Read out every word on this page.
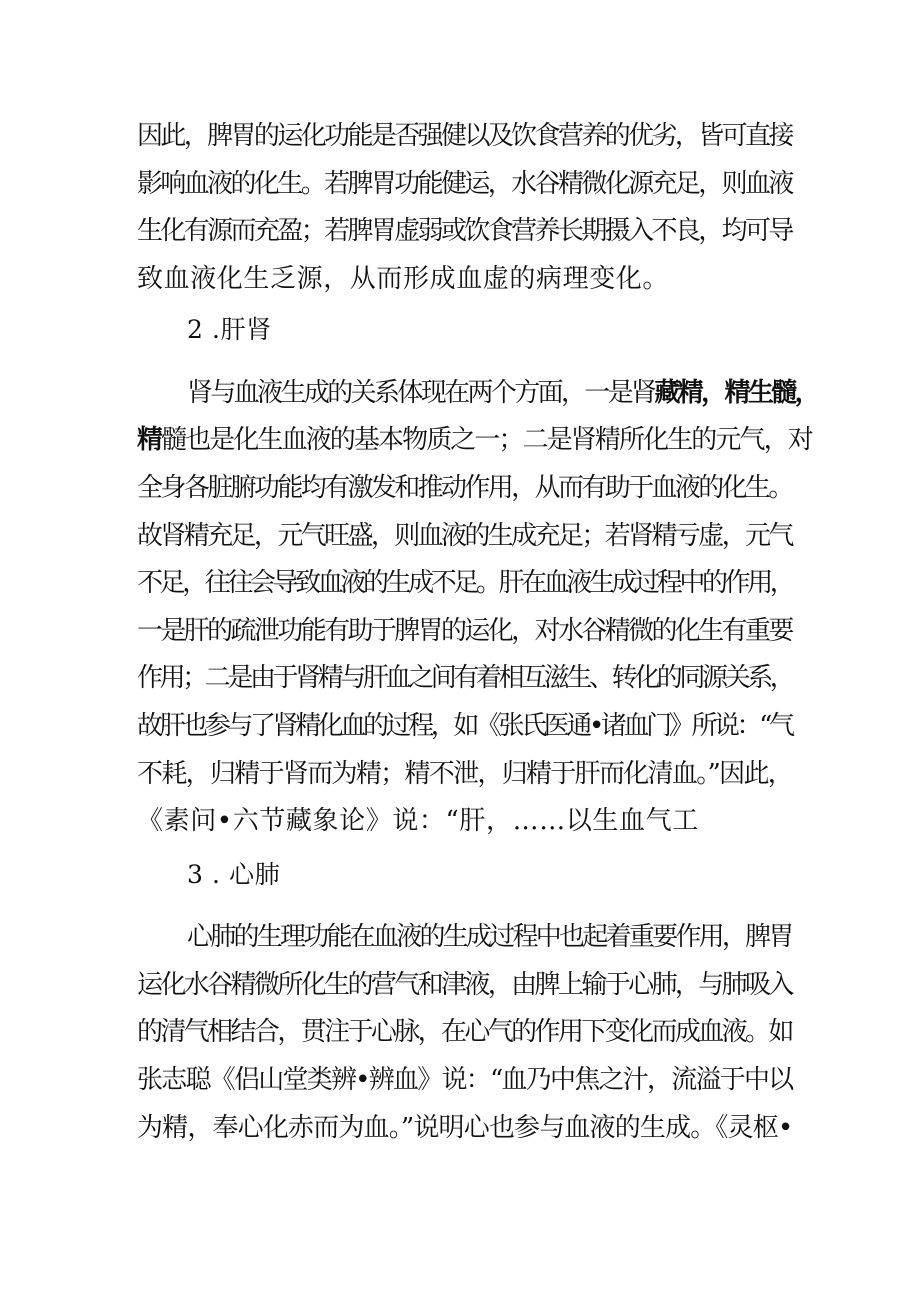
因此，脾胃的运化功能是否强健以及饮食营养的优劣，皆可直接
影响血液的化生。若脾胃功能健运，水谷精微化源充足，则血液
生化有源而充盈；若脾胃虚弱或饮食营养长期摄入不良，均可导
致血液化生乏源，从而形成血虚的病理变化。
2 .肝肾
肾与血液生成的关系体现在两个方面，一是肾藏精，精生髓，
精髓也是化生血液的基本物质之一；二是肾精所化生的元气，对
全身各脏腑功能均有激发和推动作用，从而有助于血液的化生。
故肾精充足，元气旺盛，则血液的生成充足；若肾精亏虚，元气
不足，往往会导致血液的生成不足。肝在血液生成过程中的作用，
一是肝的疏泄功能有助于脾胃的运化，对水谷精微的化生有重要
作用；二是由于肾精与肝血之间有着相互滋生、转化的同源关系，
故肝也参与了肾精化血的过程，如《张氏医通•诸血门》所说：“气
不耗，归精于肾而为精；精不泄，归精于肝而化清血。”因此，
《素问•六节藏象论》说：“肝，……以生血气工
3 . 心肺
心肺的生理功能在血液的生成过程中也起着重要作用，脾胃
运化水谷精微所化生的营气和津液，由脾上输于心肺，与肺吸入
的清气相结合，贯注于心脉，在心气的作用下变化而成血液。如
张志聪《侣山堂类辨•辨血》说：“血乃中焦之汁，流溢于中以
为精，奉心化赤而为血。”说明心也参与血液的生成。《灵枢•
